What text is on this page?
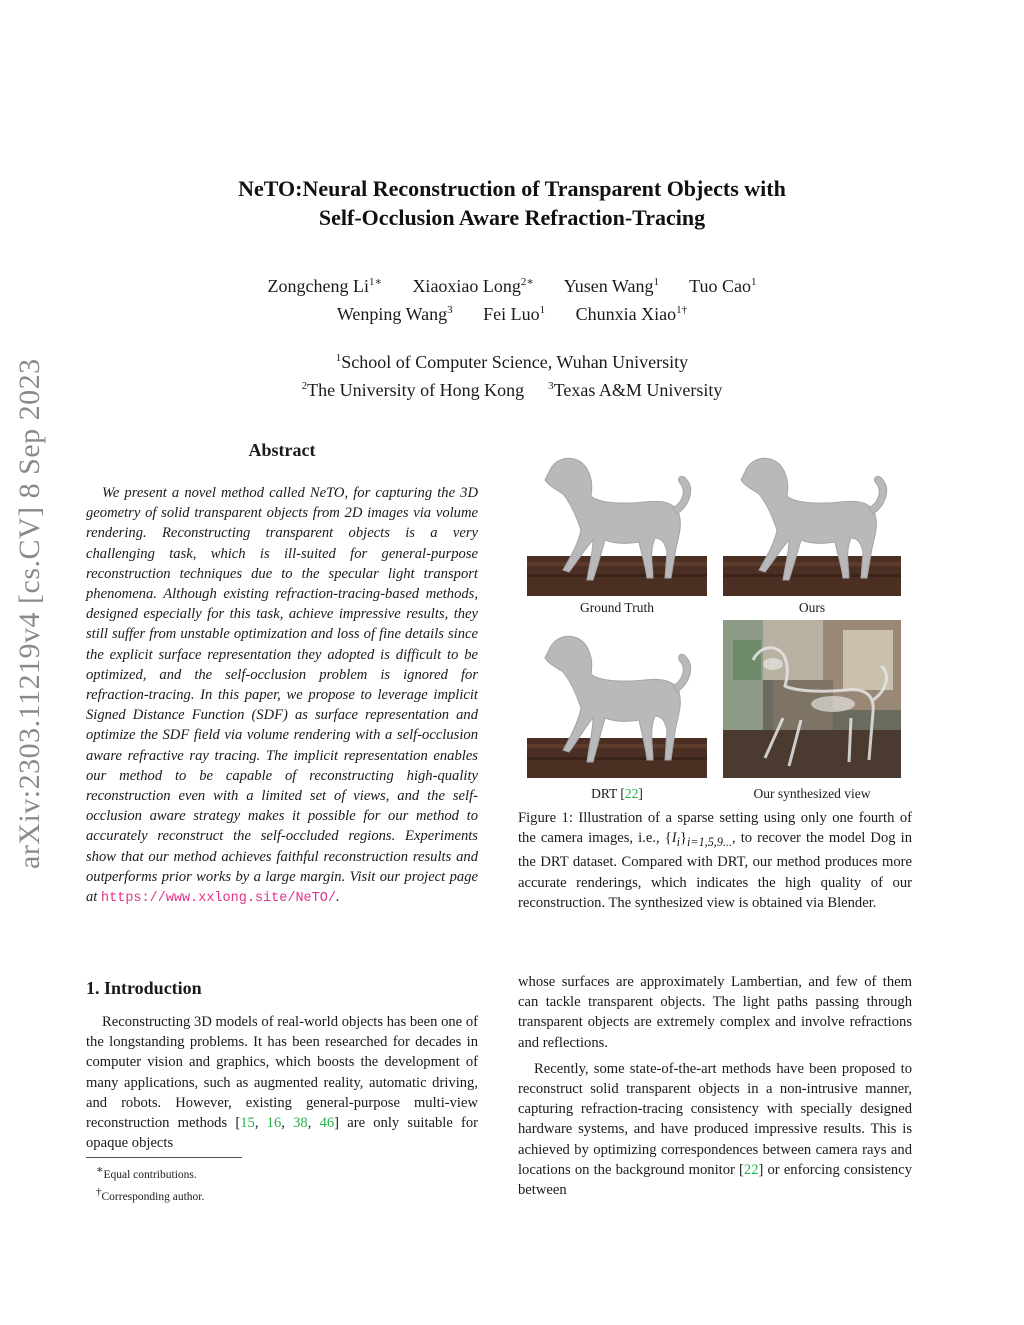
arXiv:2303.11219v4 [cs.CV] 8 Sep 2023
NeTO:Neural Reconstruction of Transparent Objects with
Self-Occlusion Aware Refraction-Tracing
Zongcheng $Li^{1∗}$ Xiaoxiao Long$^{2∗}$ Yusen Wang$^1$ Tuo Cao$^1$
Wenping Wang$^3$ Fei Luo$^1$ Chunxia Xiao$^{1\dagger}$
$^1$School of Computer Science, Wuhan University
$^2$The University of Hong Kong $^3$Texas A&M University
Abstract
We present a novel method called NeTO, for capturing the 3D geometry of solid transparent objects from 2D images via volume rendering. Reconstructing transparent objects is a very challenging task, which is ill-suited for general-purpose reconstruction techniques due to the specular light transport phenomena. Although existing refraction-tracing-based methods, designed especially for this task, achieve impressive results, they still suffer from unstable optimization and loss of fine details since the explicit surface representation they adopted is difficult to be optimized, and the self-occlusion problem is ignored for refraction-tracing. In this paper, we propose to leverage implicit Signed Distance Function (SDF) as surface representation and optimize the SDF field via volume rendering with a self-occlusion aware refractive ray tracing. The implicit representation enables our method to be capable of reconstructing high-quality reconstruction even with a limited set of views, and the self-occlusion aware strategy makes it possible for our method to accurately reconstruct the self-occluded regions. Experiments show that our method achieves faithful reconstruction results and outperforms prior works by a large margin. Visit our project page at https://www.xxlong.site/NeTO/.
Ground Truth	Ours
DRT [22]	Our synthesized view
Figure 1: Illustration of a sparse setting using only one fourth of the camera images, i.e., $\{I_i\}_{i=1,5,9...}$, to recover the model Dog in the DRT dataset. Compared with DRT, our method produces more accurate renderings, which indicates the high quality of our reconstruction. The synthesized view is obtained via Blender.
1. Introduction

Reconstructing 3D models of real-world objects has been one of the longstanding problems. It has been researched for decades in computer vision and graphics, which boosts the development of many applications, such as augmented reality, automatic driving, and robots. However, existing general-purpose multi-view reconstruction methods [15, 16, 38, 46] are only suitable for opaque objects

whose surfaces are approximately Lambertian, and few of them can tackle transparent objects. The light paths passing through transparent objects are extremely complex and involve refractions and reflections.

Recently, some state-of-the-art methods have been proposed to reconstruct solid transparent objects in a non-intrusive manner, capturing refraction-tracing consistency with specially designed hardware systems, and have produced impressive results. This is achieved by optimizing correspondences between camera rays and locations on the background monitor [22] or enforcing consistency between

∗Equal contributions.
†Corresponding author.
